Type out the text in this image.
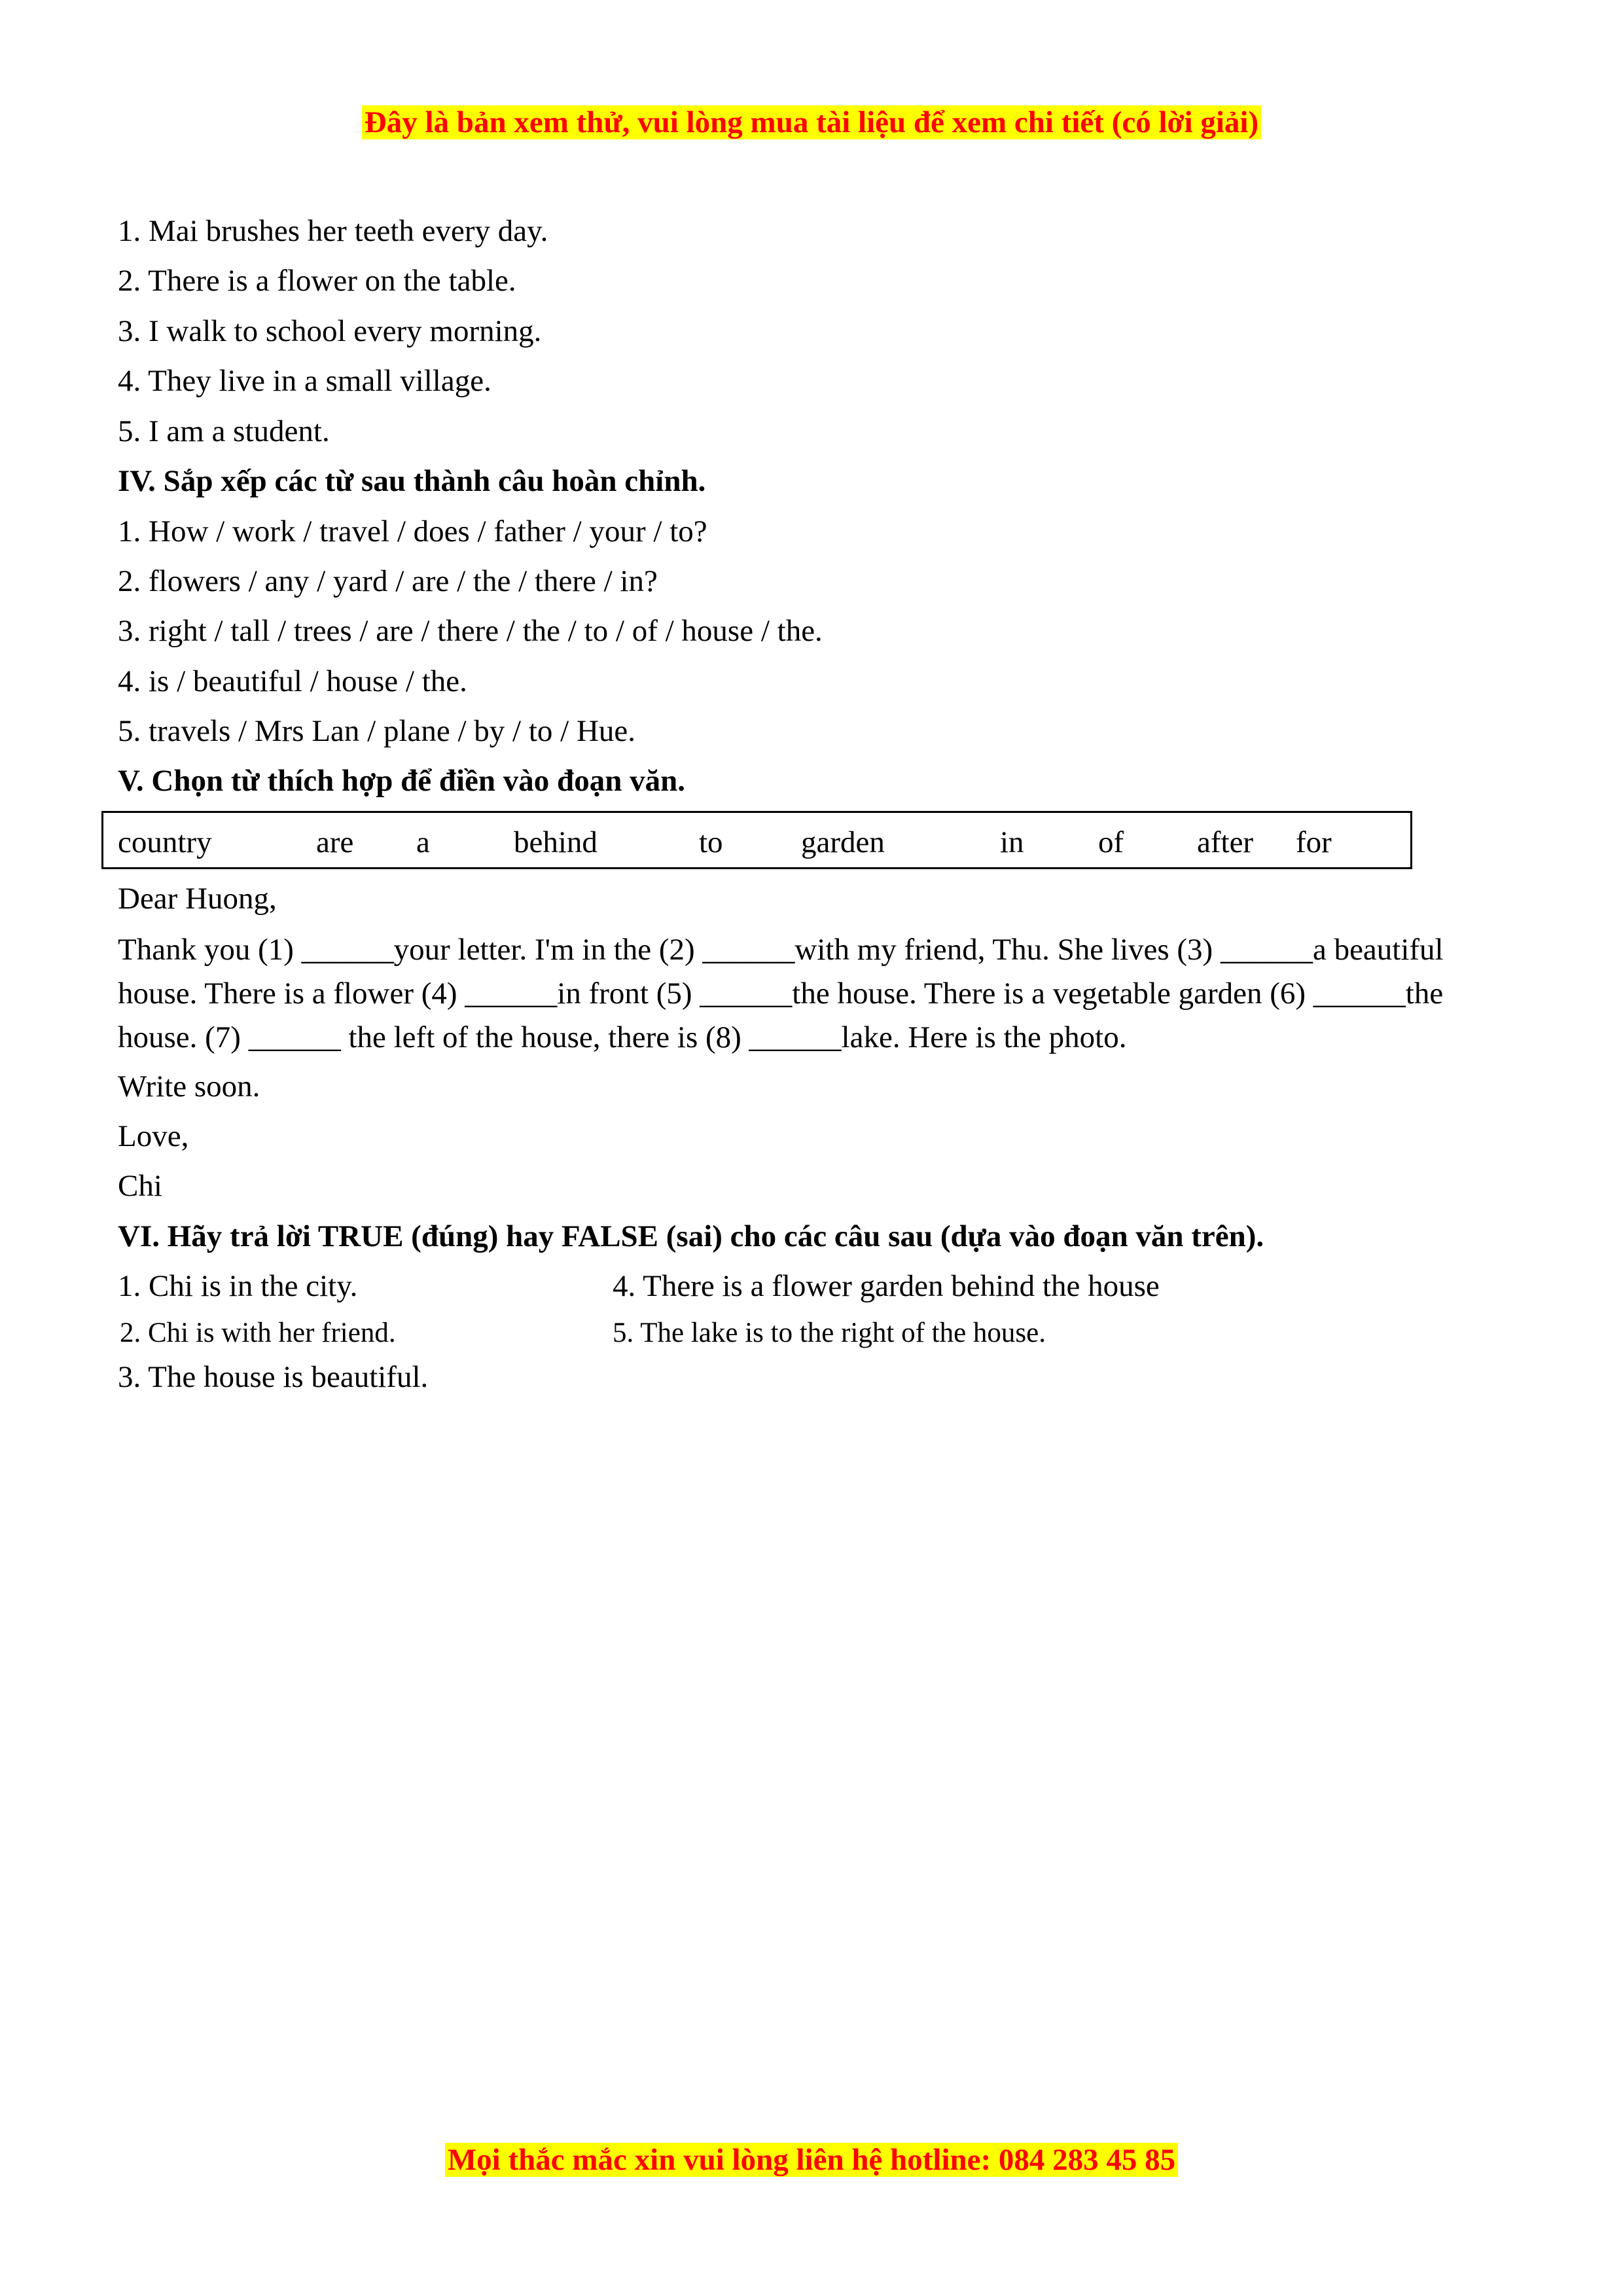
Đây là bản xem thử, vui lòng mua tài liệu để xem chi tiết (có lời giải)
1. Mai brushes her teeth every day.
2. There is a flower on the table.
3. I walk to school every morning.
4. They live in a small village.
5. I am a student.
IV. Sắp xếp các từ sau thành câu hoàn chỉnh.
1. How / work / travel / does / father / your / to?
2. flowers / any / yard / are / the / there / in?
3. right / tall / trees / are / there / the / to / of / house / the.
4. is / beautiful / house / the.
5. travels / Mrs Lan / plane / by / to / Hue.
V. Chọn từ thích hợp để điền vào đoạn văn.
country	are a	behind	to	garden	in of after for
Dear Huong,
Thank you (1) ______your letter. I'm in the (2) ______with my friend, Thu. She lives (3) ______a beautiful house. There is a flower (4) ______in front (5) ______the house. There is a vegetable garden (6) ______the house. (7) ______ the left of the house, there is (8) ______lake. Here is the photo.
Write soon.
Love,
Chi
VI. Hãy trả lời TRUE (đúng) hay FALSE (sai) cho các câu sau (dựa vào đoạn văn trên).
1. Chi is in the city.
2. Chi is with her friend.
3. The house is beautiful.
4. There is a flower garden behind the house
5. The lake is to the right of the house.
Mọi thắc mắc xin vui lòng liên hệ hotline: 084 283 45 85
